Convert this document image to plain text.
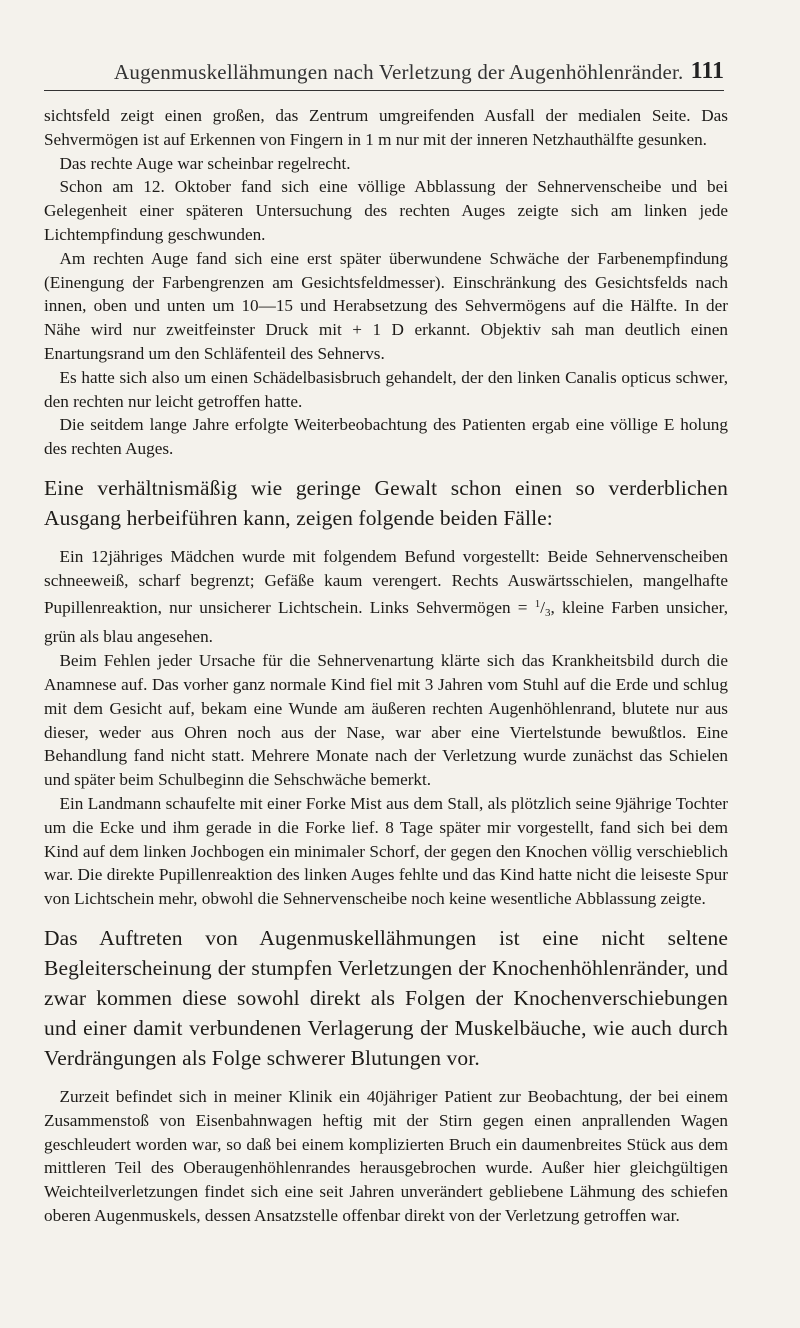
Augenmuskellähmungen nach Verletzung der Augenhöhlenränder. 111

sichtsfeld zeigt einen großen, das Zentrum umgreifenden Ausfall der medialen Seite. Das Sehvermögen ist auf Erkennen von Fingern in 1 m nur mit der inneren Netzhauthälfte gesunken.

Das rechte Auge war scheinbar regelrecht.

Schon am 12. Oktober fand sich eine völlige Abblassung der Sehnervenscheibe und bei Gelegenheit einer späteren Untersuchung des rechten Auges zeigte sich am linken jede Lichtempfindung geschwunden.

Am rechten Auge fand sich eine erst später überwundene Schwäche der Farbenempfindung (Einengung der Farbengrenzen am Gesichtsfeldmesser). Einschränkung des Gesichtsfelds nach innen, oben und unten um 10—15 und Herabsetzung des Sehvermögens auf die Hälfte. In der Nähe wird nur zweitfeinster Druck mit + 1 D erkannt. Objektiv sah man deutlich einen Enartungsrand um den Schläfenteil des Sehnervs.

Es hatte sich also um einen Schädelbasisbruch gehandelt, der den linken Canalis opticus schwer, den rechten nur leicht getroffen hatte.

Die seitdem lange Jahre erfolgte Weiterbeobachtung des Patienten ergab eine völlige E holung des rechten Auges.

Eine verhältnismäßig wie geringe Gewalt schon einen so verderblichen Ausgang herbeiführen kann, zeigen folgende beiden Fälle:

Ein 12jähriges Mädchen wurde mit folgendem Befund vorgestellt: Beide Sehnervenscheiben schneeweiß, scharf begrenzt; Gefäße kaum verengert. Rechts Auswärtsschielen, mangelhafte Pupillenreaktion, nur unsicherer Lichtschein. Links Sehvermögen = $^1/_3$, kleine Farben unsicher, grün als blau angesehen.

Beim Fehlen jeder Ursache für die Sehnervenartung klärte sich das Krankheitsbild durch die Anamnese auf. Das vorher ganz normale Kind fiel mit 3 Jahren vom Stuhl auf die Erde und schlug mit dem Gesicht auf, bekam eine Wunde am äußeren rechten Augenhöhlenrand, blutete nur aus dieser, weder aus Ohren noch aus der Nase, war aber eine Viertelstunde bewußtlos. Eine Behandlung fand nicht statt. Mehrere Monate nach der Verletzung wurde zunächst das Schielen und später beim Schulbeginn die Sehschwäche bemerkt.

Ein Landmann schaufelte mit einer Forke Mist aus dem Stall, als plötzlich seine 9jährige Tochter um die Ecke und ihm gerade in die Forke lief. 8 Tage später mir vorgestellt, fand sich bei dem Kind auf dem linken Jochbogen ein minimaler Schorf, der gegen den Knochen völlig verschieblich war. Die direkte Pupillenreaktion des linken Auges fehlte und das Kind hatte nicht die leiseste Spur von Lichtschein mehr, obwohl die Sehnervenscheibe noch keine wesentliche Abblassung zeigte.

Das Auftreten von Augenmuskellähmungen ist eine nicht seltene Begleiterscheinung der stumpfen Verletzungen der Knochenhöhlenränder, und zwar kommen diese sowohl direkt als Folgen der Knochenverschiebungen und einer damit verbundenen Verlagerung der Muskelbäuche, wie auch durch Verdrängungen als Folge schwerer Blutungen vor.

Zurzeit befindet sich in meiner Klinik ein 40jähriger Patient zur Beobachtung, der bei einem Zusammenstoß von Eisenbahnwagen heftig mit der Stirn gegen einen anprallenden Wagen geschleudert worden war, so daß bei einem komplizierten Bruch ein daumenbreites Stück aus dem mittleren Teil des Oberaugenhöhlenrandes herausgebrochen wurde. Außer hier gleichgültigen Weichteilverletzungen findet sich eine seit Jahren unverändert gebliebene Lähmung des schiefen oberen Augenmuskels, dessen Ansatzstelle offenbar direkt von der Verletzung getroffen war.
